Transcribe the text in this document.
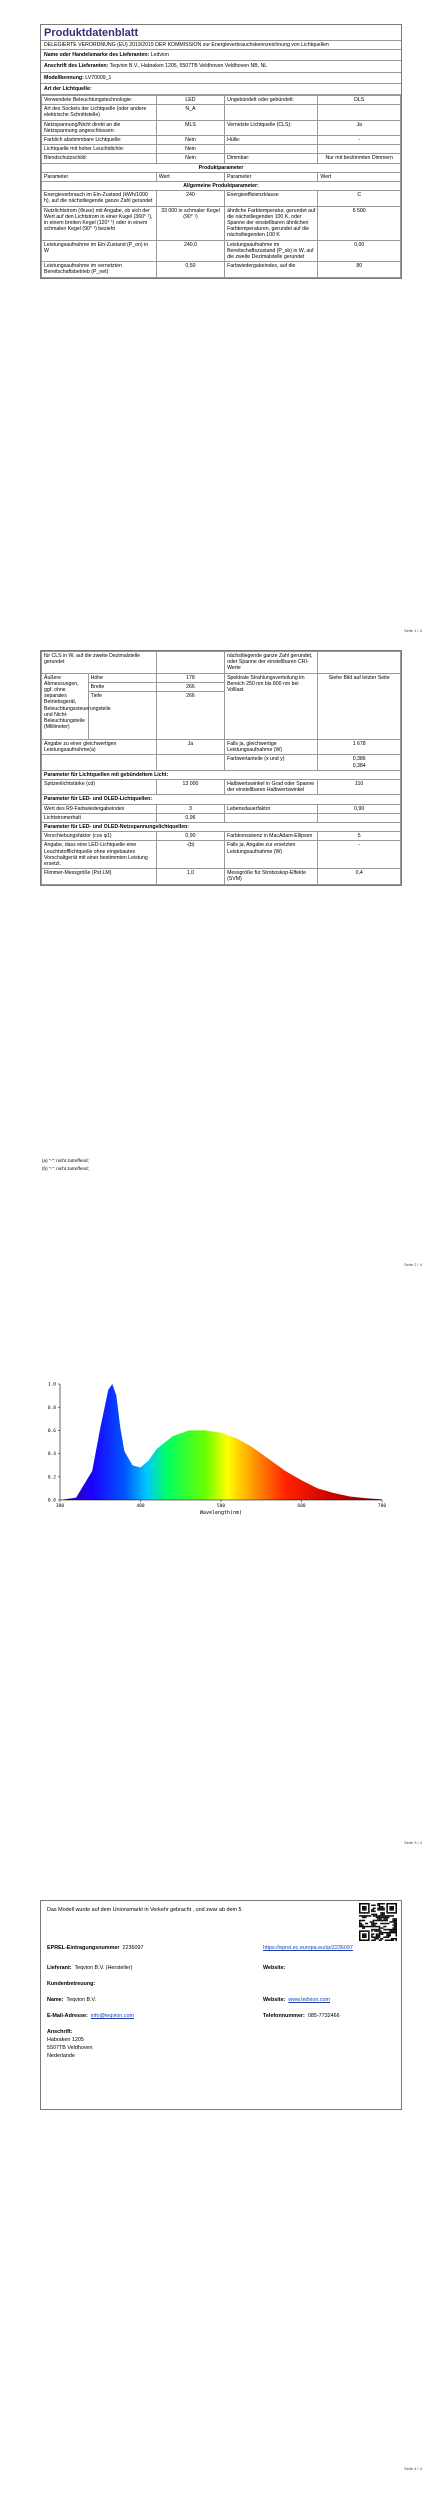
Produktdatenblatt
DELEGIERTE VERORDNUNG (EU) 2019/2015 DER KOMMISSION zur Energieverbrauchskennzeichnung von Lichtquellen
Name oder Handelsmarke des Lieferanten: Ledvion
Anschrift des Lieferanten: Teqvion B.V., Habraken 1205, 5507TB Veldhoven Veldhoven NB, NL
Modellkennung: LV70009_1
Art der Lichtquelle:
Verwendete Beleuchtungstechnologie:	LED	Ungebündelt oder gebündelt:	DLS
Art des Sockels der Lichtquelle (oder andere elektrische Schnittstelle)	N_A		
Netzspannung/Nicht direkt an die Netzspannung angeschlossen:	MLS	Vernetzte Lichtquelle (CLS):	Ja
Farblich abstimmbare Lichtquelle:	Nein	Hülle:	-
Lichtquelle mit hoher Leuchtdichte:	Nein		
Blendschutzschild:	Nein	Dimmbar:	Nur mit bestimmten Dimmern
Produktparameter			
Parameter	Wert	Parameter	Wert
Allgemeine Produktparameter:			
Energieverbrauch im Ein-Zustand (kWh/1000 h), auf die nächstliegende ganze Zahl gerundet	240	Energieeffizienzklasse	C
Nutzlichtstrom (Φuse) mit Angabe, ob sich der Wert auf den Lichtstrom in einer Kugel (360° ¹), in einem breiten Kegel (120° ¹) oder in einem schmalen Kegel (90° ¹) bezieht	33 000 in schmaler Kegel (90° ¹)	ähnliche Farbtemperatur, gerundet auf die nächstliegenden 100 K, oder Spanne der einstellbaren ähnlichen Farbtemperaturen, gerundet auf die nächstliegenden 100 K	6 500
Leistungsaufnahme im Ein-Zustand (P_on) in W	240,0	Leistungsaufnahme im Bereitschaftszustand (P_sb) in W, auf die zweite Dezimalstelle gerundet	0,00
Leistungsaufnahme im vernetzten Bereitschaftsbetrieb (P_net)	0,50	Farbwiedergabeindex, auf die	80
Seite 1 / 4
für CLS in W, auf die zweite Dezimalstelle gerundet			nächstliegende ganze Zahl gerundet, oder Spanne der einstellbaren CRI-Werte	
Äußere Abmessungen, ggf. ohne separates Betriebsgerät, Beleuchtungssteuerungsteile und Nicht-Beleuchtungsteile (Millimeter)	Höhe	178	Spektrale Strahlungsverteilung im Bereich 250 nm bis 800 nm bei Volllast	Siehe Bild auf letzter Seite
	Breite	266		
	Tiefe	266		
Angabe zu einer gleichwertigen Leistungsaufnahme(a)		Ja	Falls ja, gleichwertige Leistungsaufnahme (W)	1 678
			Farbwertanteile (x und y)	0,386
0,384

Parameter für Lichtquellen mit gebündeltem Licht:				
Spitzenlichtstärke (cd)		13 000	Halbwertswinkel in Grad oder Spanne der einstellbaren Halbwertswinkel	110
Parameter für LED- und OLED-Lichtquellen:				
Wert des R9-Farbwiedergabeindex		3	Lebensdauerfaktor	0,90
Lichtstromerhalt		0,96		
Parameter für LED- und OLED-Netzspannungslichtquellen:				
Verschiebungsfaktor (cos φ1)		0,90	Farbkonsistenz in MacAdam-Ellipsen	5
Angabe, dass eine LED-Lichtquelle eine Leuchtstofflichtquelle ohne eingebautes Vorschaltgerät mit einer bestimmten Leistung ersetzt.		-(b)	Falls ja, Angabe zur ersetzten Leistungsaufnahme (W)	-
Flimmer-Messgröße (Pst LM)		1,0	Messgröße für Stroboskop-Effekte (SVM)	0,4
(a) "-": nicht zutreffend;
(b) "-": nicht zutreffend;
Seite 2 / 4
Seite 3 / 4
0.0
0.2
0.4
0.6
0.8
1.0
380	480	580	680	780
Wavelength(nm)
Seite 4 / 4
Das Modell wurde auf dem Unionsmarkt in Verkehr gebracht , und zwar ab dem 5
EPREL-Eintragungsnummer 2236097	https://eprel.ec.europa.eu/qr/2236097
Lieferant: Teqvion B.V. (Hersteller)	Website:
Kundenbetreuung:
Name: Teqvion B.V.	Website: www.ledvion.com
E-Mail-Adresse: info@teqvion.com	Telefonnummer: 085-7732466
Anschrift:
Habraken 1205
5507TB Veldhoven
Nederlande
